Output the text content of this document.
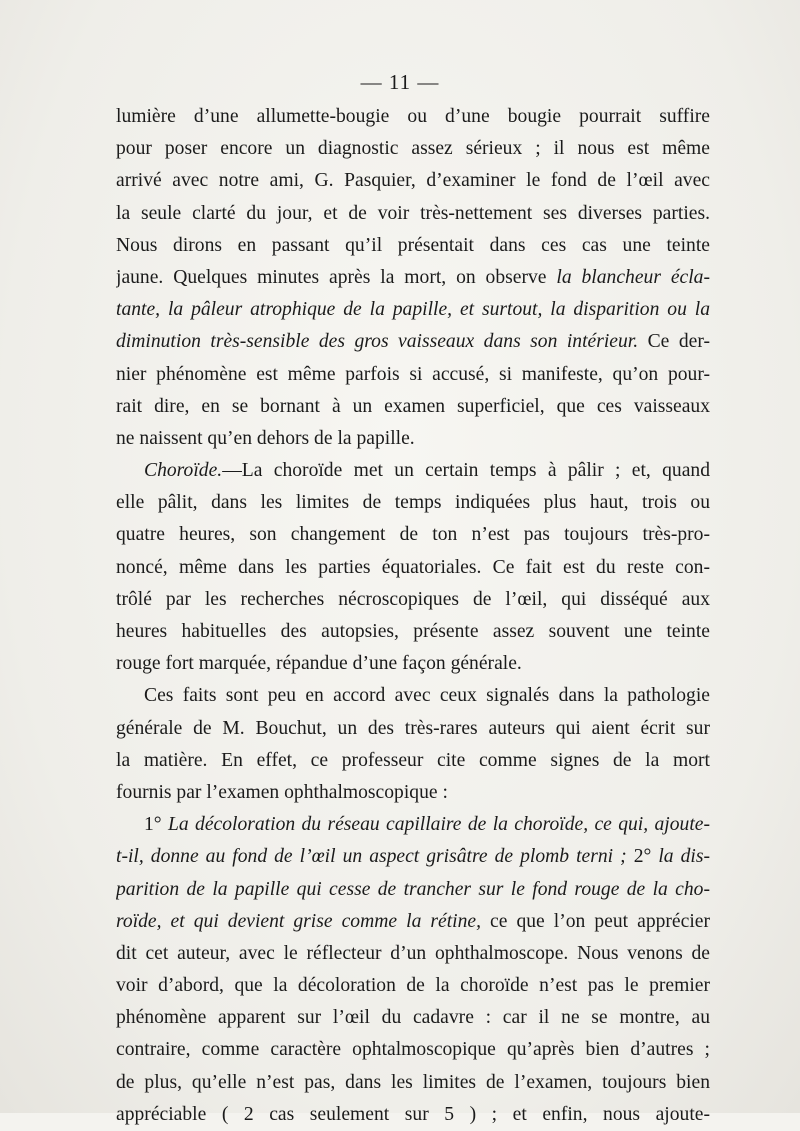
— 11 —
lumière d’une allumette-bougie ou d’une bougie pourrait suffire
pour poser encore un diagnostic assez sérieux ; il nous est même
arrivé avec notre ami, G. Pasquier, d’examiner le fond de l’œil avec
la seule clarté du jour, et de voir très-nettement ses diverses parties.
Nous dirons en passant qu’il présentait dans ces cas une teinte
jaune. Quelques minutes après la mort, on observe la blancheur écla-
tante, la pâleur atrophique de la papille, et surtout, la disparition ou la
diminution très-sensible des gros vaisseaux dans son intérieur. Ce der-
nier phénomène est même parfois si accusé, si manifeste, qu’on pour-
rait dire, en se bornant à un examen superficiel, que ces vaisseaux
ne naissent qu’en dehors de la papille.
Choroïde.—La choroïde met un certain temps à pâlir ; et, quand
elle pâlit, dans les limites de temps indiquées plus haut, trois ou
quatre heures, son changement de ton n’est pas toujours très-pro-
noncé, même dans les parties équatoriales. Ce fait est du reste con-
trôlé par les recherches nécroscopiques de l’œil, qui disséqué aux
heures habituelles des autopsies, présente assez souvent une teinte
rouge fort marquée, répandue d’une façon générale.
Ces faits sont peu en accord avec ceux signalés dans la pathologie
générale de M. Bouchut, un des très-rares auteurs qui aient écrit sur
la matière. En effet, ce professeur cite comme signes de la mort
fournis par l’examen ophthalmoscopique :
1° La décoloration du réseau capillaire de la choroïde, ce qui, ajoute-
t-il, donne au fond de l’œil un aspect grisâtre de plomb terni ; 2° la dis-
parition de la papille qui cesse de trancher sur le fond rouge de la cho-
roïde, et qui devient grise comme la rétine, ce que l’on peut apprécier
dit cet auteur, avec le réflecteur d’un ophthalmoscope. Nous venons de
voir d’abord, que la décoloration de la choroïde n’est pas le premier
phénomène apparent sur l’œil du cadavre : car il ne se montre, au
contraire, comme caractère ophtalmoscopique qu’après bien d’autres ;
de plus, qu’elle n’est pas, dans les limites de l’examen, toujours bien
appréciable ( 2 cas seulement sur 5 ) ; et enfin, nous ajoute-
